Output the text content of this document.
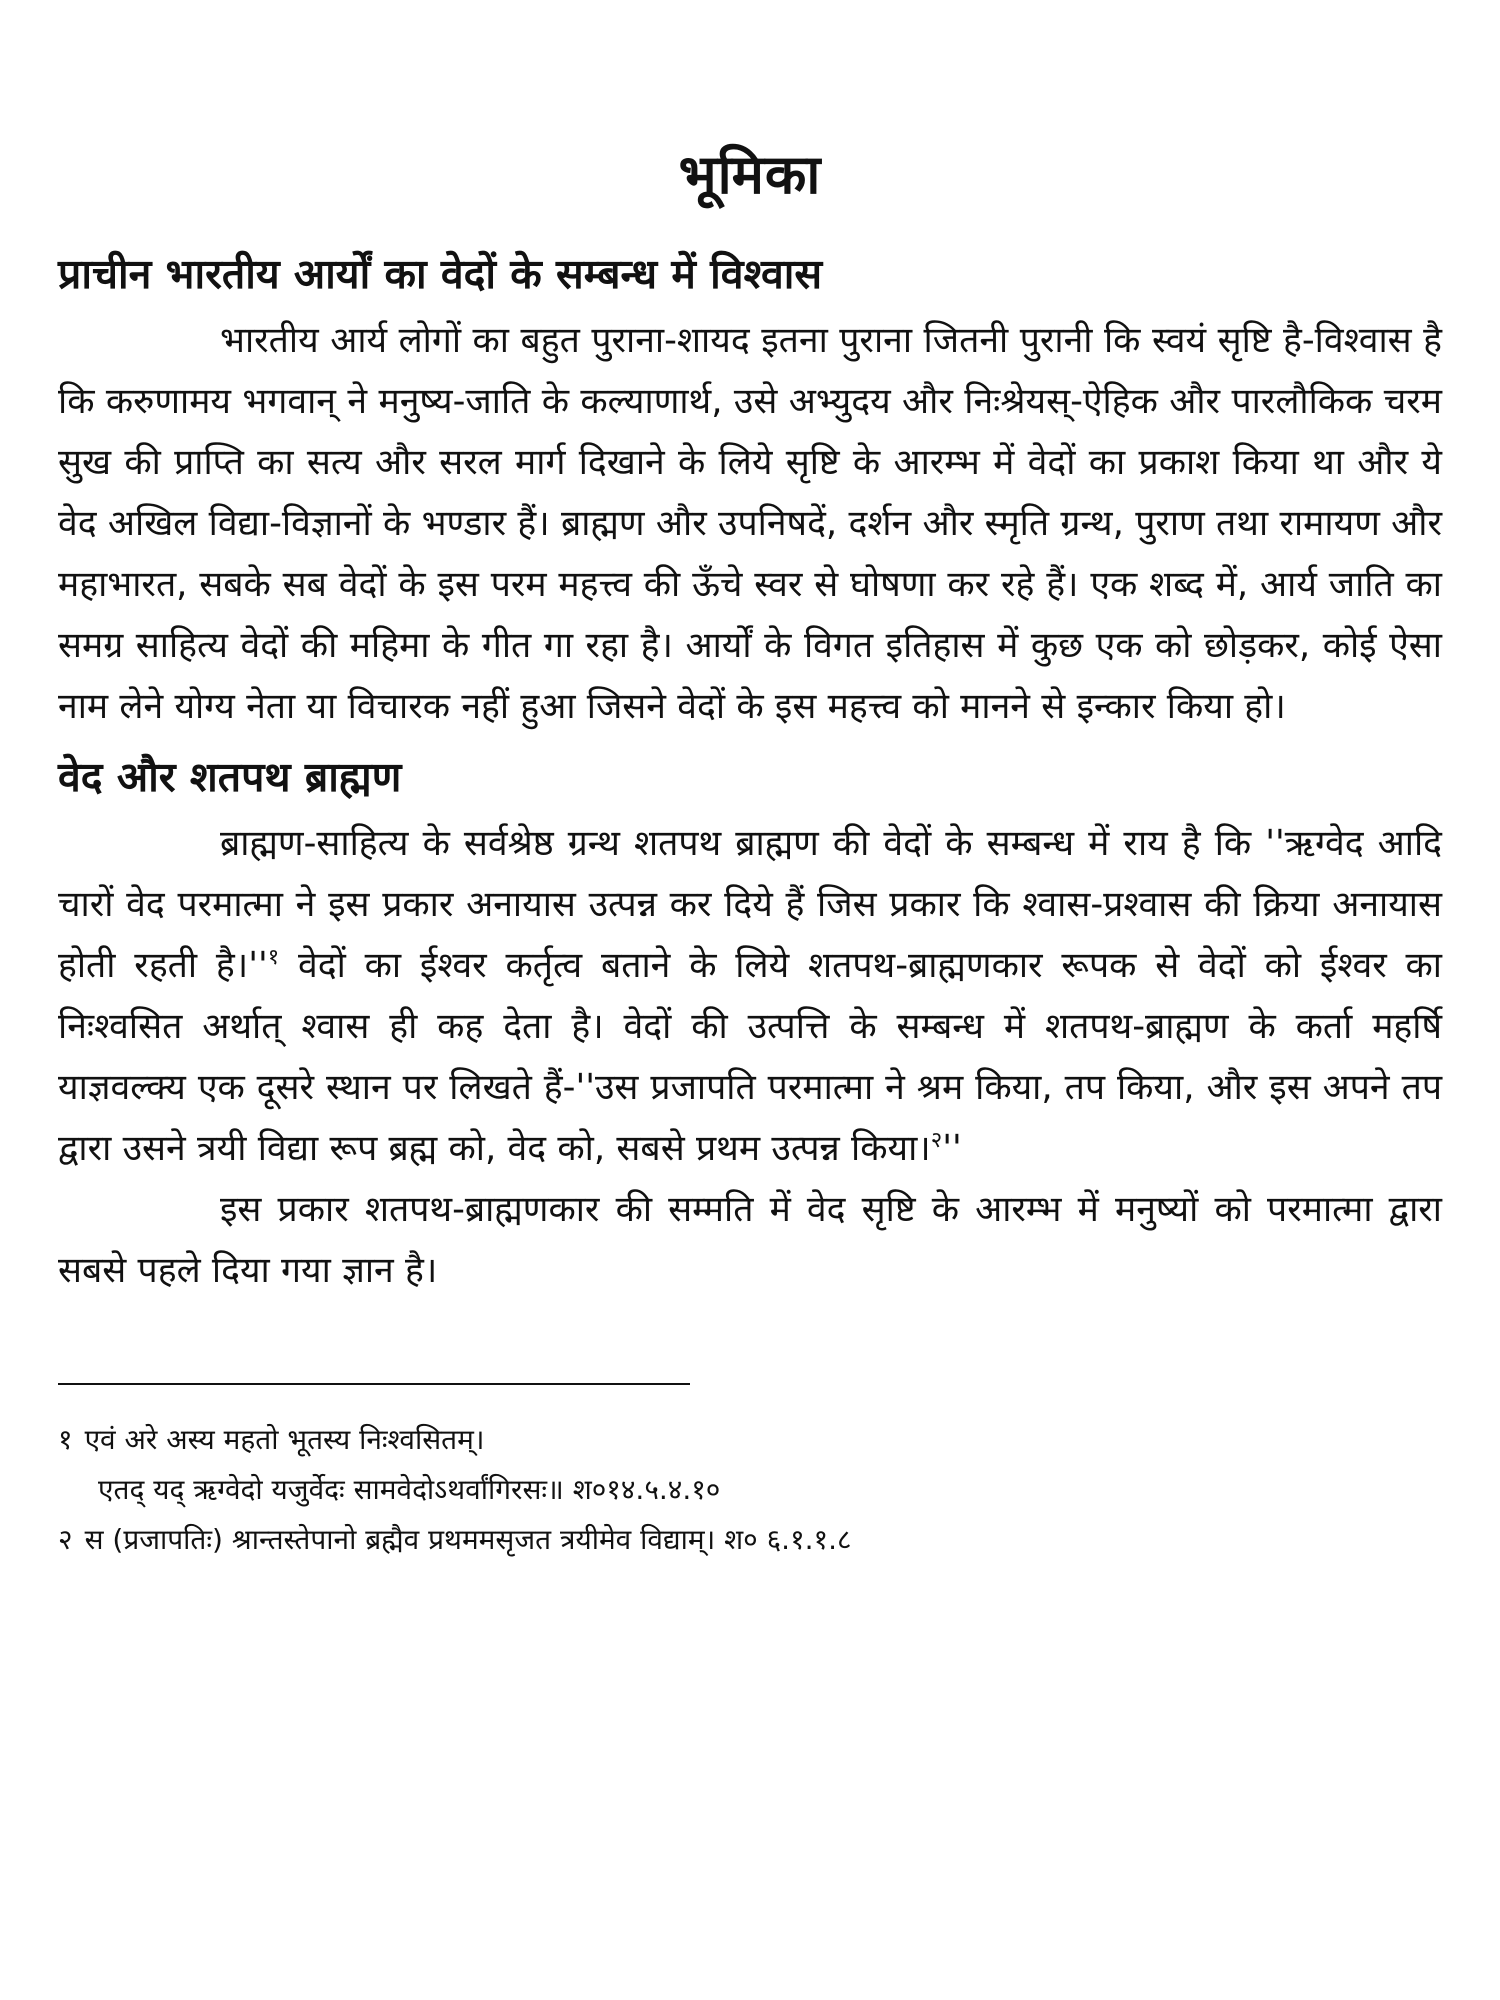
भूमिका
प्राचीन भारतीय आर्यों का वेदों के सम्बन्ध में विश्वास

भारतीय आर्य लोगों का बहुत पुराना-शायद इतना पुराना जितनी पुरानी कि स्वयं सृष्टि है-विश्वास है कि करुणामय भगवान् ने मनुष्य-जाति के कल्याणार्थ, उसे अभ्युदय और निःश्रेयस्-ऐहिक और पारलौकिक चरम सुख की प्राप्ति का सत्य और सरल मार्ग दिखाने के लिये सृष्टि के आरम्भ में वेदों का प्रकाश किया था और ये वेद अखिल विद्या-विज्ञानों के भण्डार हैं। ब्राह्मण और उपनिषदें, दर्शन और स्मृति ग्रन्थ, पुराण तथा रामायण और महाभारत, सबके सब वेदों के इस परम महत्त्व की ऊँचे स्वर से घोषणा कर रहे हैं। एक शब्द में, आर्य जाति का समग्र साहित्य वेदों की महिमा के गीत गा रहा है। आर्यों के विगत इतिहास में कुछ एक को छोड़कर, कोई ऐसा नाम लेने योग्य नेता या विचारक नहीं हुआ जिसने वेदों के इस महत्त्व को मानने से इन्कार किया हो।

वेद और शतपथ ब्राह्मण

ब्राह्मण-साहित्य के सर्वश्रेष्ठ ग्रन्थ शतपथ ब्राह्मण की वेदों के सम्बन्ध में राय है कि ''ऋग्वेद आदि चारों वेद परमात्मा ने इस प्रकार अनायास उत्पन्न कर दिये हैं जिस प्रकार कि श्वास-प्रश्वास की क्रिया अनायास होती रहती $है।''^१$ वेदों का ईश्वर कर्तृत्व बताने के लिये शतपथ-ब्राह्मणकार रूपक से वेदों को ईश्वर का निःश्वसित अर्थात् श्वास ही कह देता है। वेदों की उत्पत्ति के सम्बन्ध में शतपथ-ब्राह्मण के कर्ता महर्षि याज्ञवल्क्य एक दूसरे स्थान पर लिखते हैं-''उस प्रजापति परमात्मा ने श्रम किया, तप किया, और इस अपने तप द्वारा उसने त्रयी विद्या रूप ब्रह्म को, वेद को, सबसे प्रथम उत्पन्न किया।$^२$''

इस प्रकार शतपथ-ब्राह्मणकार की सम्मति में वेद सृष्टि के आरम्भ में मनुष्यों को परमात्मा द्वारा सबसे पहले दिया गया ज्ञान है।

१ एवं अरे अस्य महतो भूतस्य निःश्वसितम्।

एतद् यद् ऋग्वेदो यजुर्वेदः सामवेदोऽथर्वांगिरसः॥ श०१४.५.४.१०

२ स (प्रजापतिः) श्रान्तस्तेपानो ब्रह्मैव प्रथममसृजत त्रयीमेव विद्याम्। श० ६.१.१.८
